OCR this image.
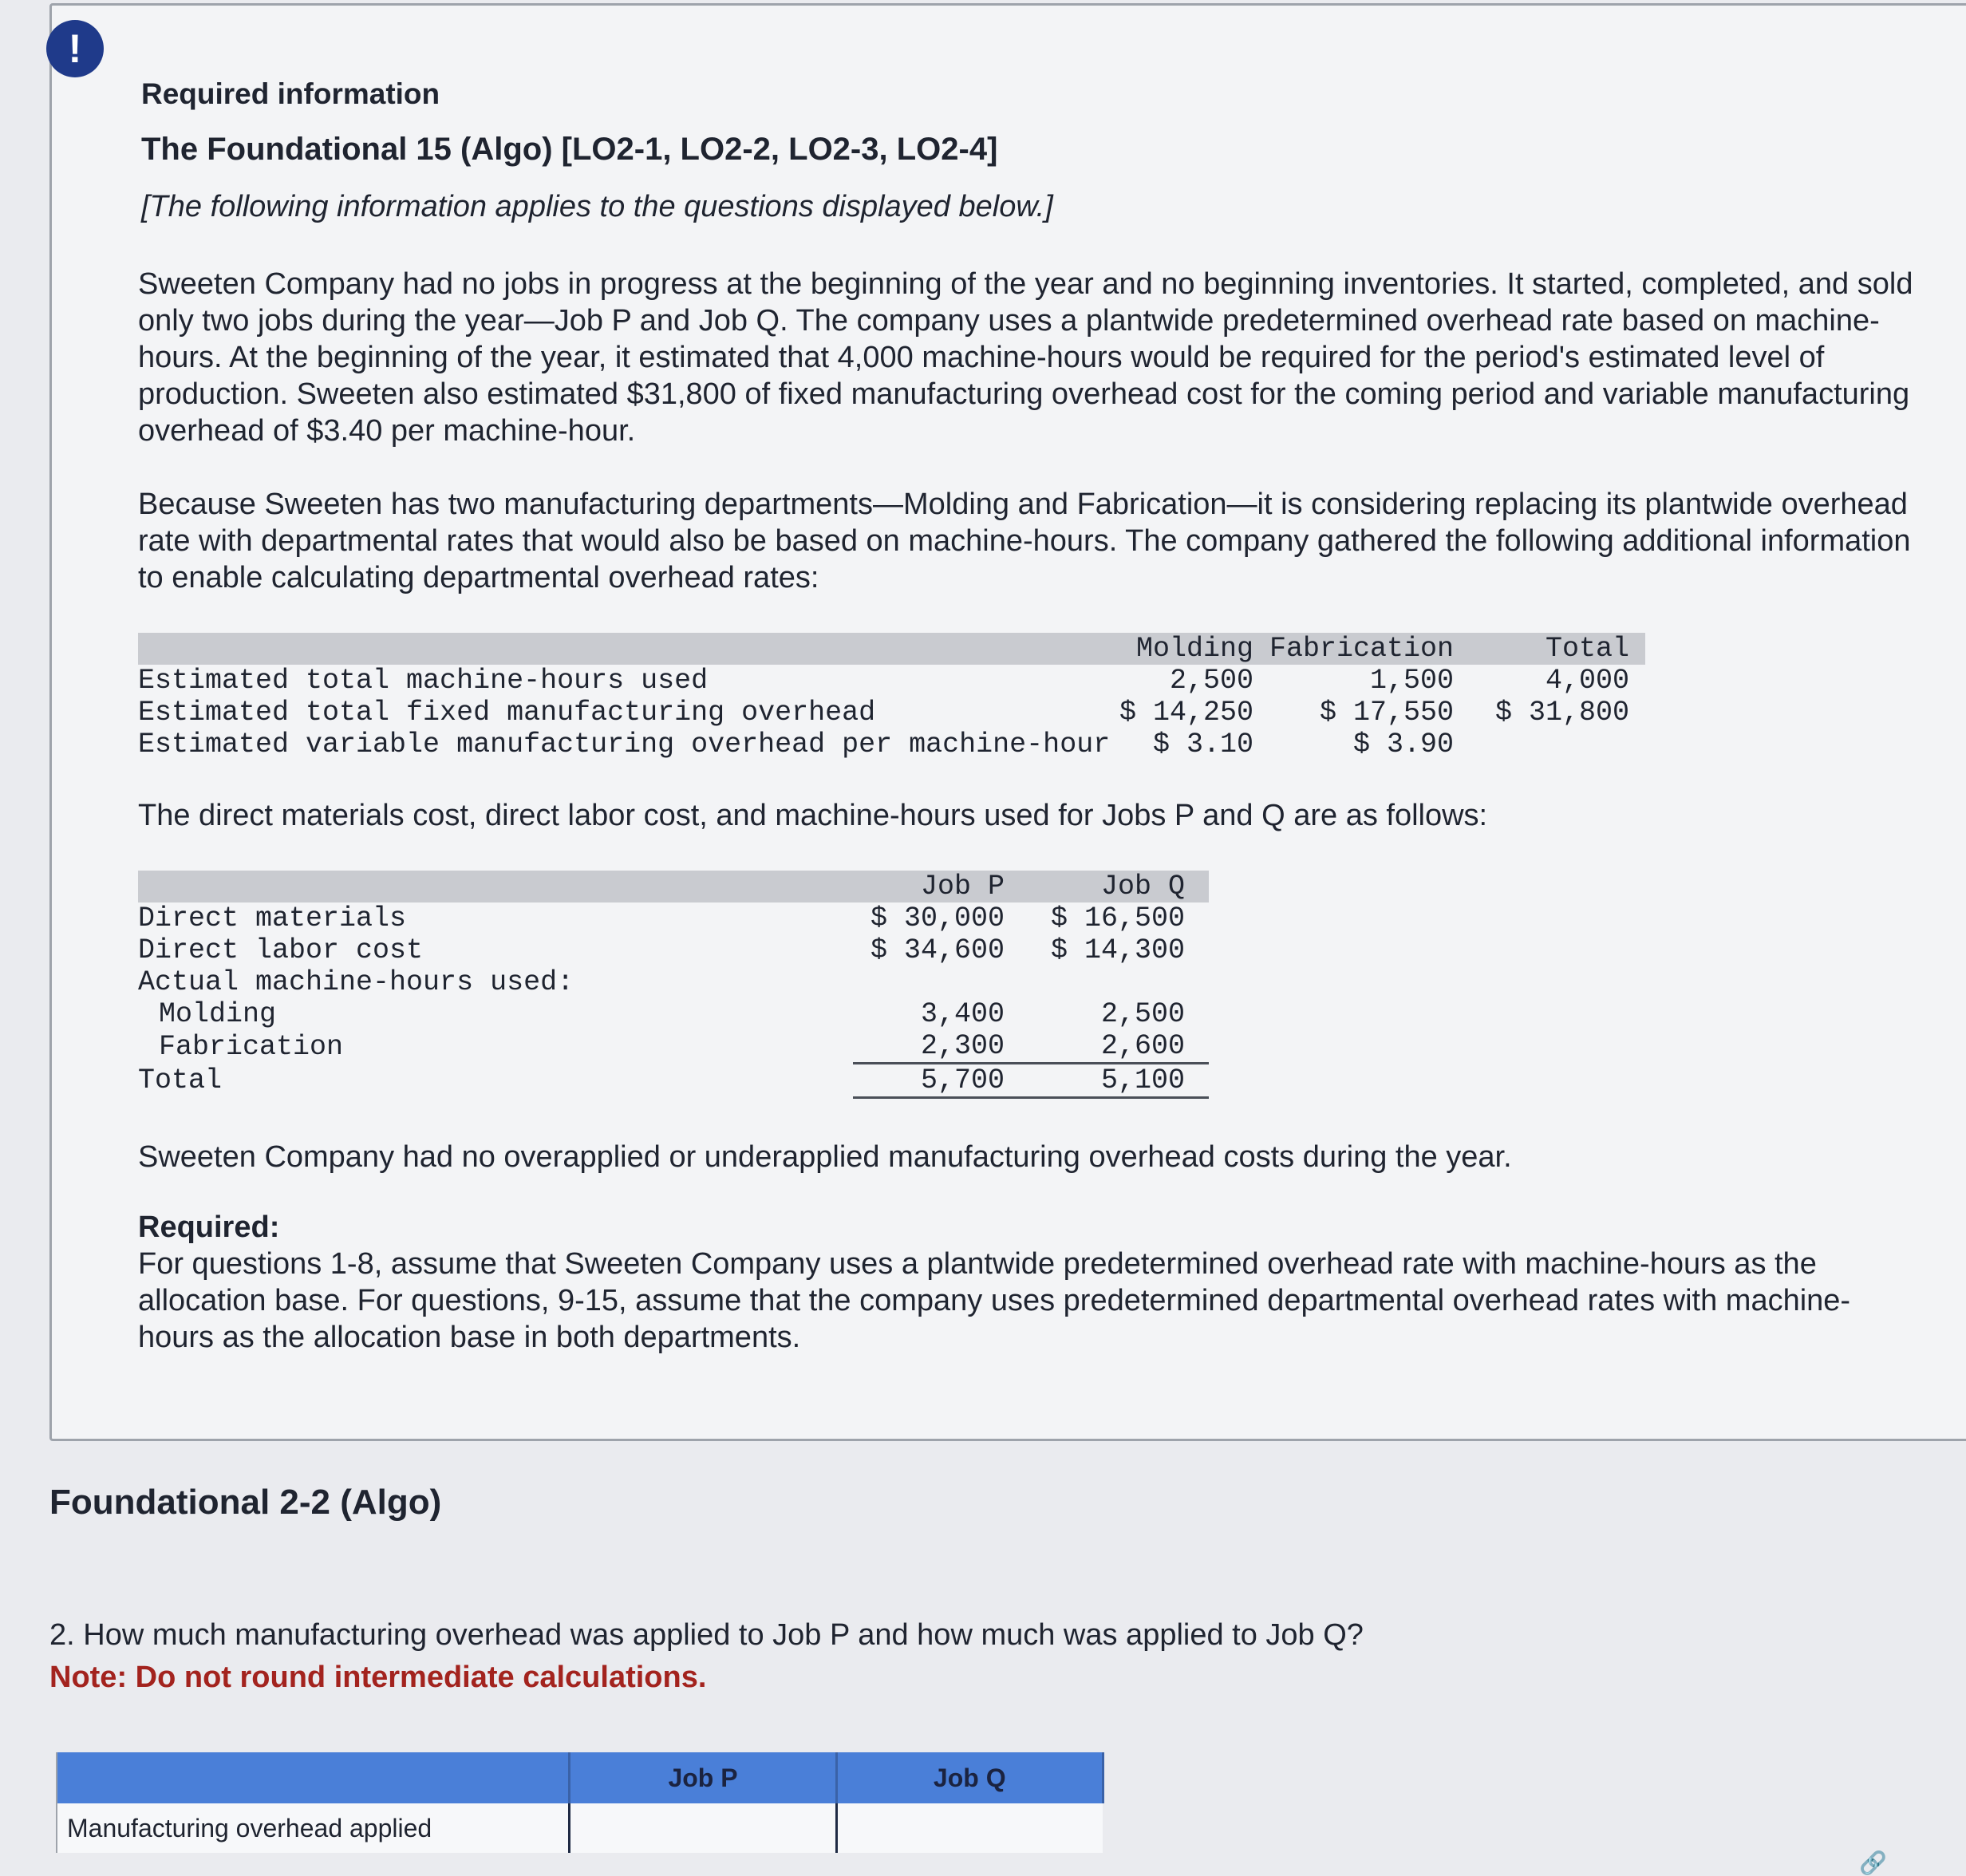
Required information
The Foundational 15 (Algo) [LO2-1, LO2-2, LO2-3, LO2-4]
[The following information applies to the questions displayed below.]

Sweeten Company had no jobs in progress at the beginning of the year and no beginning inventories. It started, completed, and sold only two jobs during the year—Job P and Job Q. The company uses a plantwide predetermined overhead rate based on machine-hours. At the beginning of the year, it estimated that 4,000 machine-hours would be required for the period's estimated level of production. Sweeten also estimated $31,800 of fixed manufacturing overhead cost for the coming period and variable manufacturing overhead of $3.40 per machine-hour.

Because Sweeten has two manufacturing departments—Molding and Fabrication—it is considering replacing its plantwide overhead rate with departmental rates that would also be based on machine-hours. The company gathered the following additional information to enable calculating departmental overhead rates:

	Molding	Fabrication	Total
Estimated total machine-hours used	2,500	1,500	4,000
Estimated total fixed manufacturing overhead	$ 14,250	$ 17,550	$ 31,800
Estimated variable manufacturing overhead per machine-hour	$ 3.10	$ 3.90	

The direct materials cost, direct labor cost, and machine-hours used for Jobs P and Q are as follows:

	Job P	Job Q
Direct materials	$ 30,000	$ 16,500
Direct labor cost	$ 34,600	$ 14,300
Actual machine-hours used:		
Molding	3,400	2,500
Fabrication	2,300	2,600
Total	5,700	5,100

Sweeten Company had no overapplied or underapplied manufacturing overhead costs during the year.

Required:
For questions 1-8, assume that Sweeten Company uses a plantwide predetermined overhead rate with machine-hours as the allocation base. For questions, 9-15, assume that the company uses predetermined departmental overhead rates with machine-hours as the allocation base in both departments.
!
Foundational 2-2 (Algo)
2. How much manufacturing overhead was applied to Job P and how much was applied to Job Q?
Note: Do not round intermediate calculations.
	Job P	Job Q
Manufacturing overhead applied		
🔗
